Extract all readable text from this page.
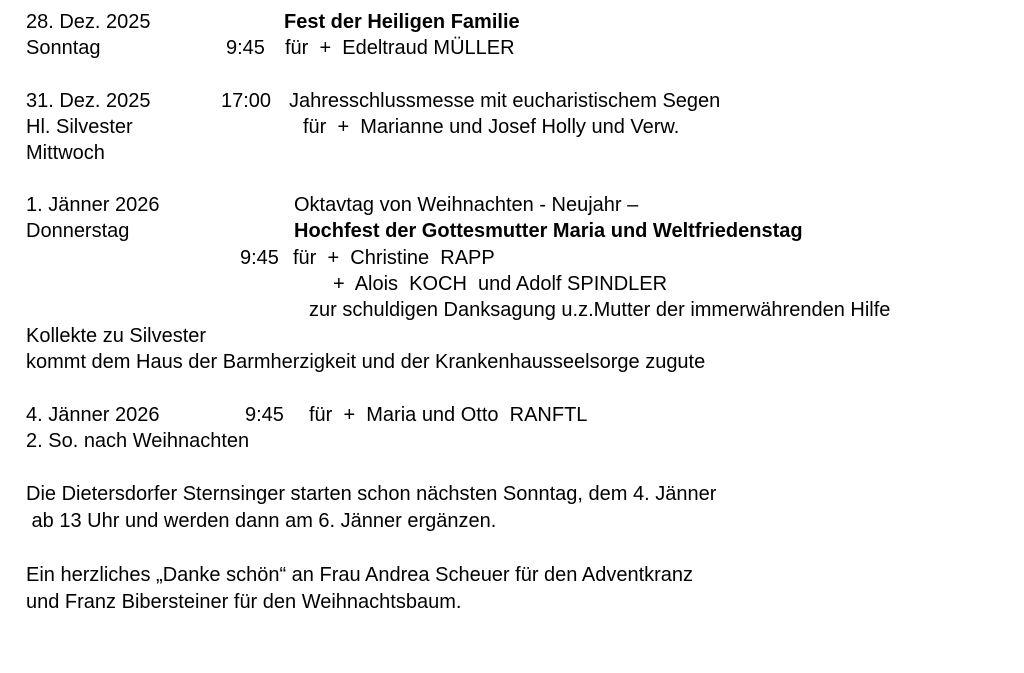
28. Dez. 2025	Fest der Heiligen Familie
Sonntag	9:45 für  +  Edeltraud MÜLLER
31. Dez. 2025	17:00 Jahresschlussmesse mit eucharistischem Segen
Hl. Silvester	für  +  Marianne und Josef Holly und Verw.
Mittwoch
1. Jänner 2026	Oktavtag von Weihnachten - Neujahr –
Donnerstag	Hochfest der Gottesmutter Maria und Weltfriedenstag
9:45 für  +  Christine  RAPP
+  Alois  KOCH  und Adolf SPINDLER
zur schuldigen Danksagung u.z.Mutter der immerwährenden Hilfe
Kollekte zu Silvester
kommt dem Haus der Barmherzigkeit und der Krankenhausseelsorge zugute
4. Jänner 2026	9:45 für  +  Maria und Otto  RANFTL
2. So. nach Weihnachten
Die Dietersdorfer Sternsinger starten schon nächsten Sonntag, dem 4. Jänner
ab 13 Uhr und werden dann am 6. Jänner ergänzen.
Ein herzliches „Danke schön“ an Frau Andrea Scheuer für den Adventkranz
und Franz Bibersteiner für den Weihnachtsbaum.
